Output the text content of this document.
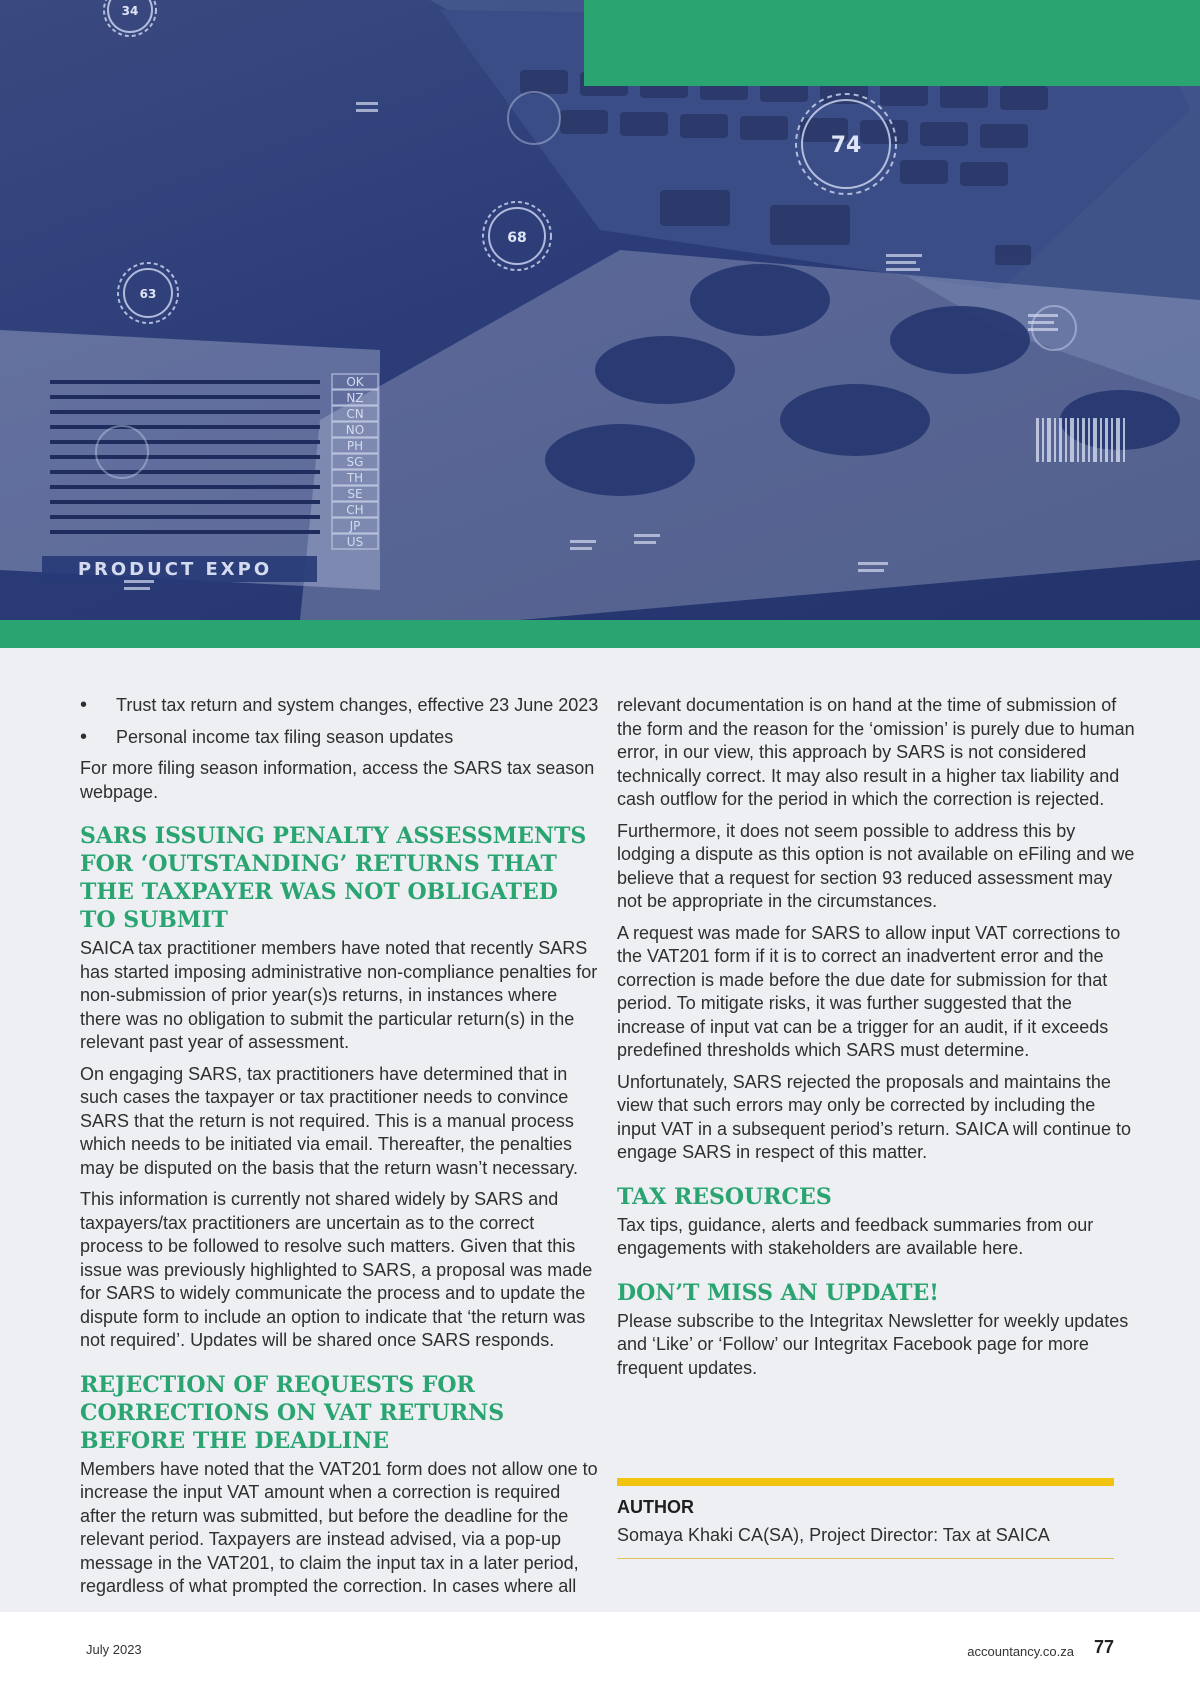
OK
NZ
CN
NO
PH
SG
TH
SE
CH
JP
US
PRODUCT EXPO
34
74
68
63
• Trust tax return and system changes, effective 23 June 2023
• Personal income tax filing season updates

For more filing season information, access the SARS tax season webpage.

SARS ISSUING PENALTY ASSESSMENTS FOR ‘OUTSTANDING’ RETURNS THAT THE TAXPAYER WAS NOT OBLIGATED TO SUBMIT

SAICA tax practitioner members have noted that recently SARS has started imposing administrative non-compliance penalties for non-submission of prior year(s)s returns, in instances where there was no obligation to submit the particular return(s) in the relevant past year of assessment.

On engaging SARS, tax practitioners have determined that in such cases the taxpayer or tax practitioner needs to convince SARS that the return is not required. This is a manual process which needs to be initiated via email. Thereafter, the penalties may be disputed on the basis that the return wasn’t necessary.

This information is currently not shared widely by SARS and taxpayers/tax practitioners are uncertain as to the correct process to be followed to resolve such matters. Given that this issue was previously highlighted to SARS, a proposal was made for SARS to widely communicate the process and to update the dispute form to include an option to indicate that ‘the return was not required’. Updates will be shared once SARS responds.

REJECTION OF REQUESTS FOR CORRECTIONS ON VAT RETURNS BEFORE THE DEADLINE

Members have noted that the VAT201 form does not allow one to increase the input VAT amount when a correction is required after the return was submitted, but before the deadline for the relevant period. Taxpayers are instead advised, via a pop-up message in the VAT201, to claim the input tax in a later period, regardless of what prompted the correction. In cases where all

relevant documentation is on hand at the time of submission of the form and the reason for the ‘omission’ is purely due to human error, in our view, this approach by SARS is not considered technically correct. It may also result in a higher tax liability and cash outflow for the period in which the correction is rejected.

Furthermore, it does not seem possible to address this by lodging a dispute as this option is not available on eFiling and we believe that a request for section 93 reduced assessment may not be appropriate in the circumstances.

A request was made for SARS to allow input VAT corrections to the VAT201 form if it is to correct an inadvertent error and the correction is made before the due date for submission for that period. To mitigate risks, it was further suggested that the increase of input vat can be a trigger for an audit, if it exceeds predefined thresholds which SARS must determine.

Unfortunately, SARS rejected the proposals and maintains the view that such errors may only be corrected by including the input VAT in a subsequent period’s return. SAICA will continue to engage SARS in respect of this matter.

TAX RESOURCES

Tax tips, guidance, alerts and feedback summaries from our engagements with stakeholders are available here.

DON’T MISS AN UPDATE!

Please subscribe to the Integritax Newsletter for weekly updates and ‘Like’ or ‘Follow’ our Integritax Facebook page for more frequent updates.

AUTHOR
Somaya Khaki CA(SA), Project Director: Tax at SAICA
July 2023	accountancy.co.za 77
